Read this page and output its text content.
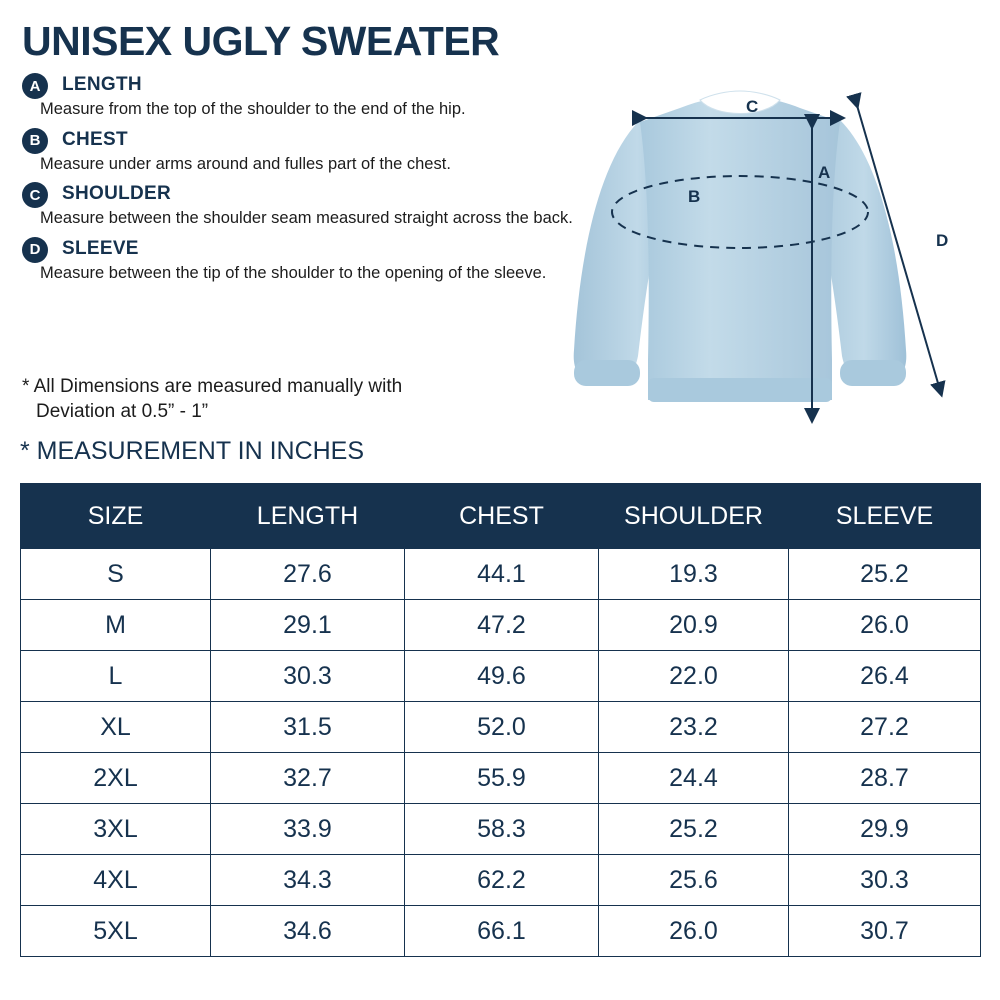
UNISEX UGLY SWEATER
A	LENGTH
Measure from the top of the shoulder to the end of the hip.
B	CHEST
Measure under arms around and fulles part of the chest.
C	SHOULDER
Measure between the shoulder seam measured straight across the back.
D	SLEEVE
Measure between the tip of the shoulder to the opening of the sleeve.
* All Dimensions are measured manually with
Deviation at 0.5” - 1”
* MEASUREMENT IN INCHES
C
A
B
D
SIZE	LENGTH	CHEST	SHOULDER	SLEEVE
S	27.6	44.1	19.3	25.2
M	29.1	47.2	20.9	26.0
L	30.3	49.6	22.0	26.4
XL	31.5	52.0	23.2	27.2
2XL	32.7	55.9	24.4	28.7
3XL	33.9	58.3	25.2	29.9
4XL	34.3	62.2	25.6	30.3
5XL	34.6	66.1	26.0	30.7
